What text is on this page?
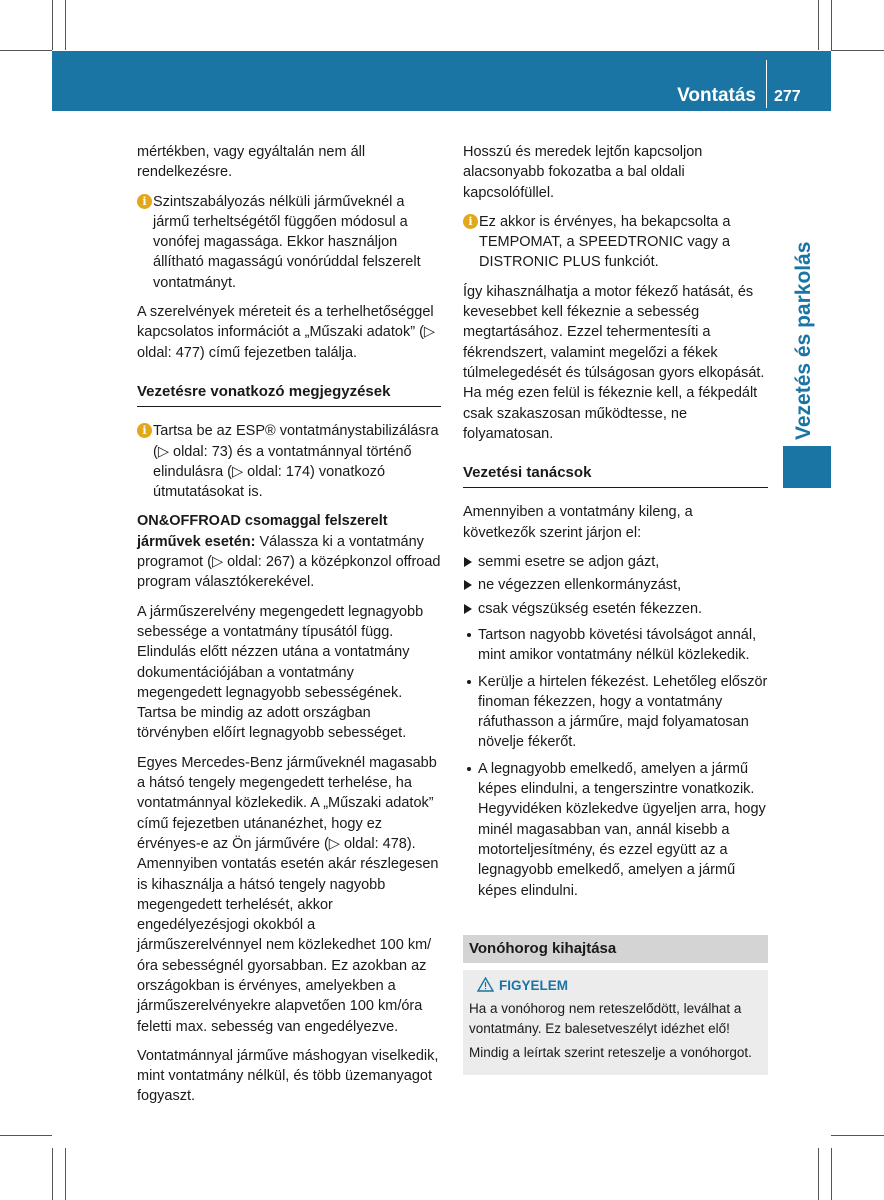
Vontatás 277
Vezetés és parkolás

mértékben, vagy egyáltalán nem áll rendelkezésre.

i Szintszabályozás nélküli járműveknél a jármű terheltségétől függően módosul a vonófej magassága. Ekkor használjon állítható magasságú vonórúddal felszerelt vontatmányt.

A szerelvények méreteit és a terhelhetőséggel kapcsolatos információt a „Műszaki adatok” (▷ oldal: 477) című fejezetben találja.

Vezetésre vonatkozó megjegyzések
i Tartsa be az ESP® vontatmánystabilizálásra (▷ oldal: 73) és a vontatmánnyal történő elindulásra (▷ oldal: 174) vonatkozó útmutatásokat is.

ON&OFFROAD csomaggal felszerelt járművek esetén: Válassza ki a vontatmány programot (▷ oldal: 267) a középkonzol offroad program választókerekével.

A járműszerelvény megengedett legnagyobb sebessége a vontatmány típusától függ. Elindulás előtt nézzen utána a vontatmány dokumentációjában a vontatmány megengedett legnagyobb sebességének. Tartsa be mindig az adott országban törvényben előírt legnagyobb sebességet.

Egyes Mercedes-Benz járműveknél magasabb a hátsó tengely megengedett terhelése, ha vontatmánnyal közlekedik. A „Műszaki adatok” című fejezetben utánanézhet, hogy ez érvényes-e az Ön járművére (▷ oldal: 478). Amennyiben vontatás esetén akár részlegesen is kihasználja a hátsó tengely nagyobb megengedett terhelését, akkor engedélyezésjogi okokból a járműszerelvénnyel nem közlekedhet 100 km/óra sebességnél gyorsabban. Ez azokban az országokban is érvényes, amelyekben a járműszerelvényekre alapvetően 100 km/óra feletti max. sebesség van engedélyezve.

Vontatmánnyal járműve máshogyan viselkedik, mint vontatmány nélkül, és több üzemanyagot fogyaszt.

Hosszú és meredek lejtőn kapcsoljon alacsonyabb fokozatba a bal oldali kapcsolófüllel.

i Ez akkor is érvényes, ha bekapcsolta a TEMPOMAT, a SPEEDTRONIC vagy a DISTRONIC PLUS funkciót.

Így kihasználhatja a motor fékező hatását, és kevesebbet kell fékeznie a sebesség megtartásához. Ezzel tehermentesíti a fékrendszert, valamint megelőzi a fékek túlmelegedését és túlságosan gyors elkopását. Ha még ezen felül is fékeznie kell, a fékpedált csak szakaszosan működtesse, ne folyamatosan.

Vezetési tanácsok

Amennyiben a vontatmány kileng, a következők szerint járjon el:

semmi esetre se adjon gázt,
ne végezzen ellenkormányzást,
csak végszükség esetén fékezzen.
Tartson nagyobb követési távolságot annál, mint amikor vontatmány nélkül közlekedik.
Kerülje a hirtelen fékezést. Lehetőleg először finoman fékezzen, hogy a vontatmány ráfuthasson a járműre, majd folyamatosan növelje fékerőt.
A legnagyobb emelkedő, amelyen a jármű képes elindulni, a tengerszintre vonatkozik. Hegyvidéken közlekedve ügyeljen arra, hogy minél magasabban van, annál kisebb a motorteljesítmény, és ezzel együtt az a legnagyobb emelkedő, amelyen a jármű képes elindulni.
Vonóhorog kihajtása
FIGYELEM

Ha a vonóhorog nem reteszelődött, leválhat a vontatmány. Ez balesetveszélyt idézhet elő!

Mindig a leírtak szerint reteszelje a vonóhorgot.
